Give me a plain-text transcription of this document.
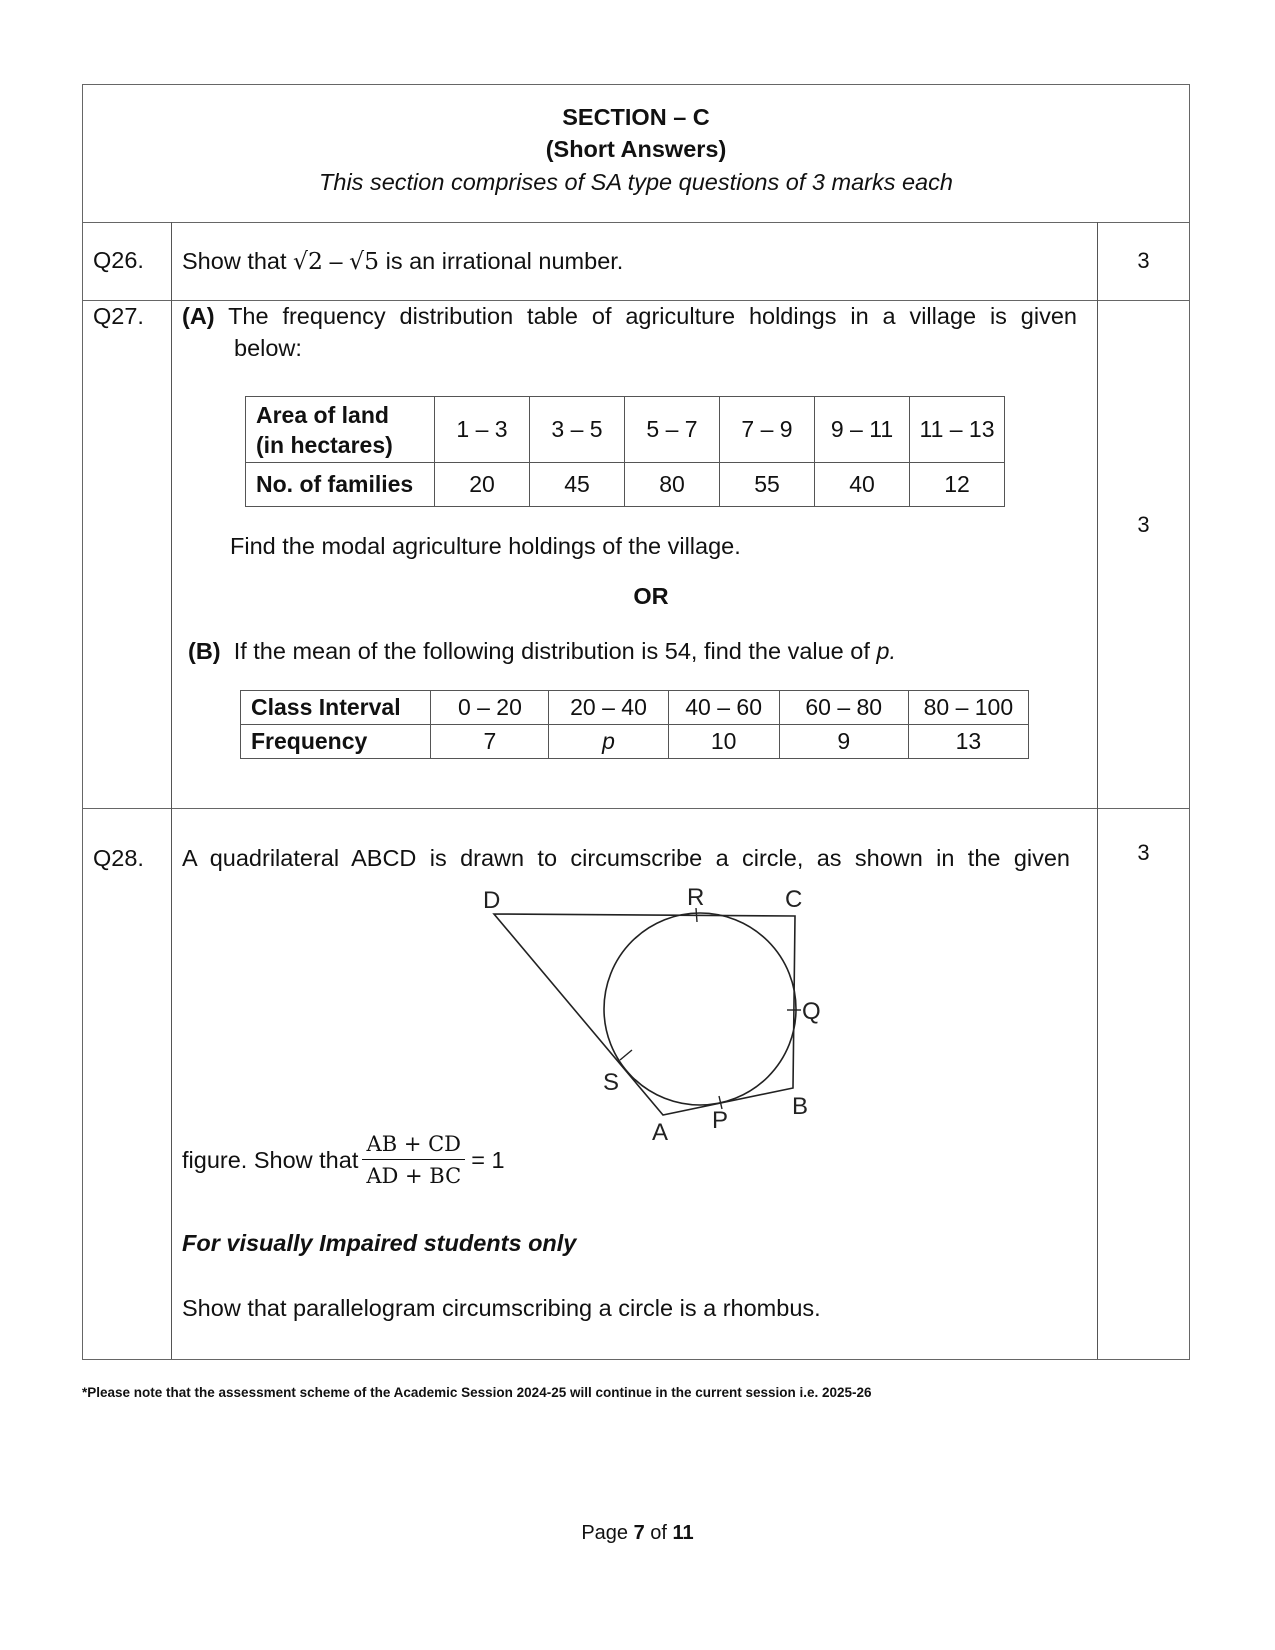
SECTION – C
(Short Answers)
This section comprises of SA type questions of 3 marks each
Q26. Show that √2 – √5 is an irrational number.	3
Q27. (A) The frequency distribution table of agriculture holdings in a village is given
below:
Area of land
(in hectares)	1 – 3	3 – 5	5 – 7	7 – 9	9 – 11	11 – 13
No. of families	20	45	80	55	40	12
Find the modal agriculture holdings of the village.
OR
(B) If the mean of the following distribution is 54, find the value of p.
Class Interval	0 – 20	20 – 40	40 – 60	60 – 80	80 – 100
Frequency	7	p	10	9	13
3
Q28. A quadrilateral ABCD is drawn to circumscribe a circle, as shown in the given	3
D	R	C
Q
S
B
A P
figure. Show that $\frac{AB + CD}{AD + BC} = 1$
For visually Impaired students only
Show that parallelogram circumscribing a circle is a rhombus.
*Please note that the assessment scheme of the Academic Session 2024-25 will continue in the current session i.e. 2025-26
Page 7 of 11
